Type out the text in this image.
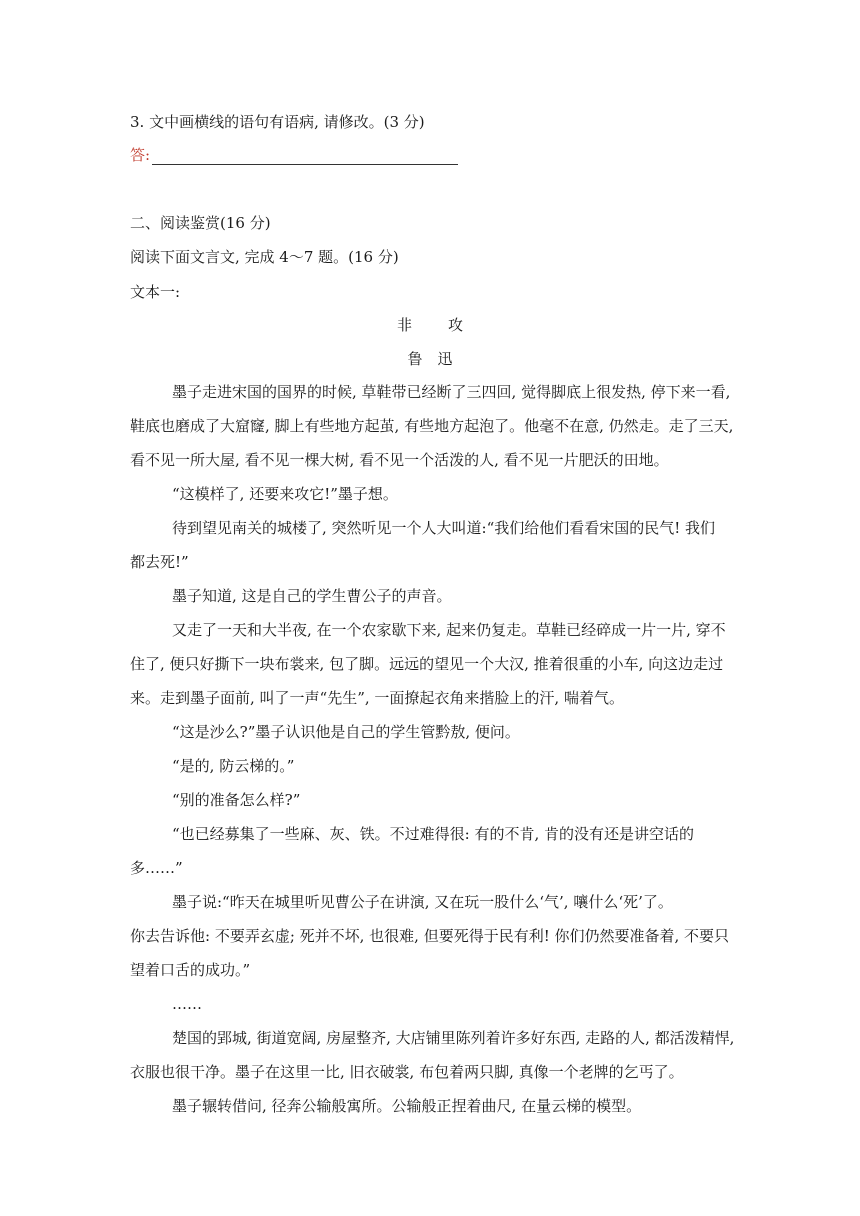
3. 文中画横线的语句有语病, 请修改。(3 分)
答:
二、阅读鉴赏(16 分)
阅读下面文言文, 完成 4～7 题。(16 分)
文本一:
非 攻
鲁　迅
墨子走进宋国的国界的时候, 草鞋带已经断了三四回, 觉得脚底上很发热, 停下来一看,
鞋底也磨成了大窟窿, 脚上有些地方起茧, 有些地方起泡了。他毫不在意, 仍然走。走了三天,
看不见一所大屋, 看不见一棵大树, 看不见一个活泼的人, 看不见一片肥沃的田地。
“这模样了, 还要来攻它!”墨子想。
待到望见南关的城楼了, 突然听见一个人大叫道:“我们给他们看看宋国的民气! 我们
都去死!”
墨子知道, 这是自己的学生曹公子的声音。
又走了一天和大半夜, 在一个农家歇下来, 起来仍复走。草鞋已经碎成一片一片, 穿不
住了, 便只好撕下一块布裳来, 包了脚。远远的望见一个大汉, 推着很重的小车, 向这边走过
来。走到墨子面前, 叫了一声“先生”, 一面撩起衣角来揩脸上的汗, 喘着气。
“这是沙么?”墨子认识他是自己的学生管黔敖, 便问。
“是的, 防云梯的。”
“别的准备怎么样?”
“也已经募集了一些麻、灰、铁。不过难得很: 有的不肯, 肯的没有还是讲空话的
多……”
墨子说:“昨天在城里听见曹公子在讲演, 又在玩一股什么‘气’, 嚷什么‘死’了。
你去告诉他: 不要弄玄虚; 死并不坏, 也很难, 但要死得于民有利! 你们仍然要准备着, 不要只
望着口舌的成功。”
……
楚国的郢城, 街道宽阔, 房屋整齐, 大店铺里陈列着许多好东西, 走路的人, 都活泼精悍,
衣服也很干净。墨子在这里一比, 旧衣破裳, 布包着两只脚, 真像一个老牌的乞丐了。
墨子辗转借问, 径奔公输般寓所。公输般正捏着曲尺, 在量云梯的模型。
